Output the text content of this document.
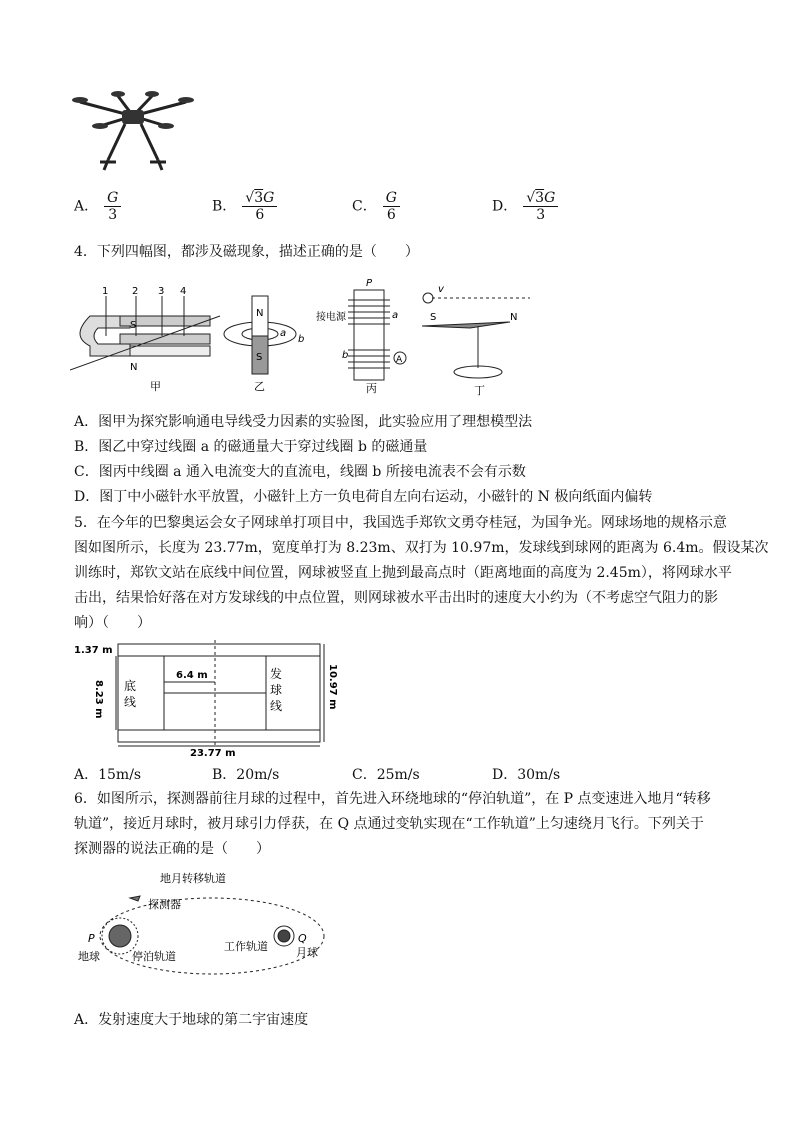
A． $\frac{G}{3}$	B． $\frac{√3G}{6}$	C． $\frac{G}{6}$	D． $\frac{√3G}{3}$
4．下列四幅图，都涉及磁现象，描述正确的是（　　）
1 2 3 4
S
N
甲
N
S
a
b
乙
A
P
接电源	a
b
丙
v
S	N
丁
A．图甲为探究影响通电导线受力因素的实验图，此实验应用了理想模型法
B．图乙中穿过线圈 a 的磁通量大于穿过线圈 b 的磁通量
C．图丙中线圈 a 通入电流变大的直流电，线圈 b 所接电流表不会有示数
D．图丁中小磁针水平放置，小磁针上方一负电荷自左向右运动，小磁针的 N 极向纸面内偏转
5．在今年的巴黎奥运会女子网球单打项目中，我国选手郑钦文勇夺桂冠，为国争光。网球场地的规格示意
图如图所示，长度为 23.77m，宽度单打为 8.23m、双打为 10.97m，发球线到球网的距离为 6.4m。假设某次
训练时，郑钦文站在底线中间位置，网球被竖直上抛到最高点时（距离地面的高度为 2.45m），将网球水平
击出，结果恰好落在对方发球线的中点位置，则网球被水平击出时的速度大小约为（不考虑空气阻力的影
响）（　　）
1.37 m
8.23 m	10.97 m
6.4 m
23.77 m
底
线
发
球
线
A．15m/s	B．20m/s	C．25m/s	D．30m/s
6．如图所示，探测器前往月球的过程中，首先进入环绕地球的“停泊轨道”，在 P 点变速进入地月“转移
轨道”，接近月球时，被月球引力俘获，在 Q 点通过变轨实现在“工作轨道”上匀速绕月飞行。下列关于
探测器的说法正确的是（　　）
地月转移轨道
探测器
P
地球	停泊轨道
工作轨道
Q
月球
A．发射速度大于地球的第二宇宙速度
